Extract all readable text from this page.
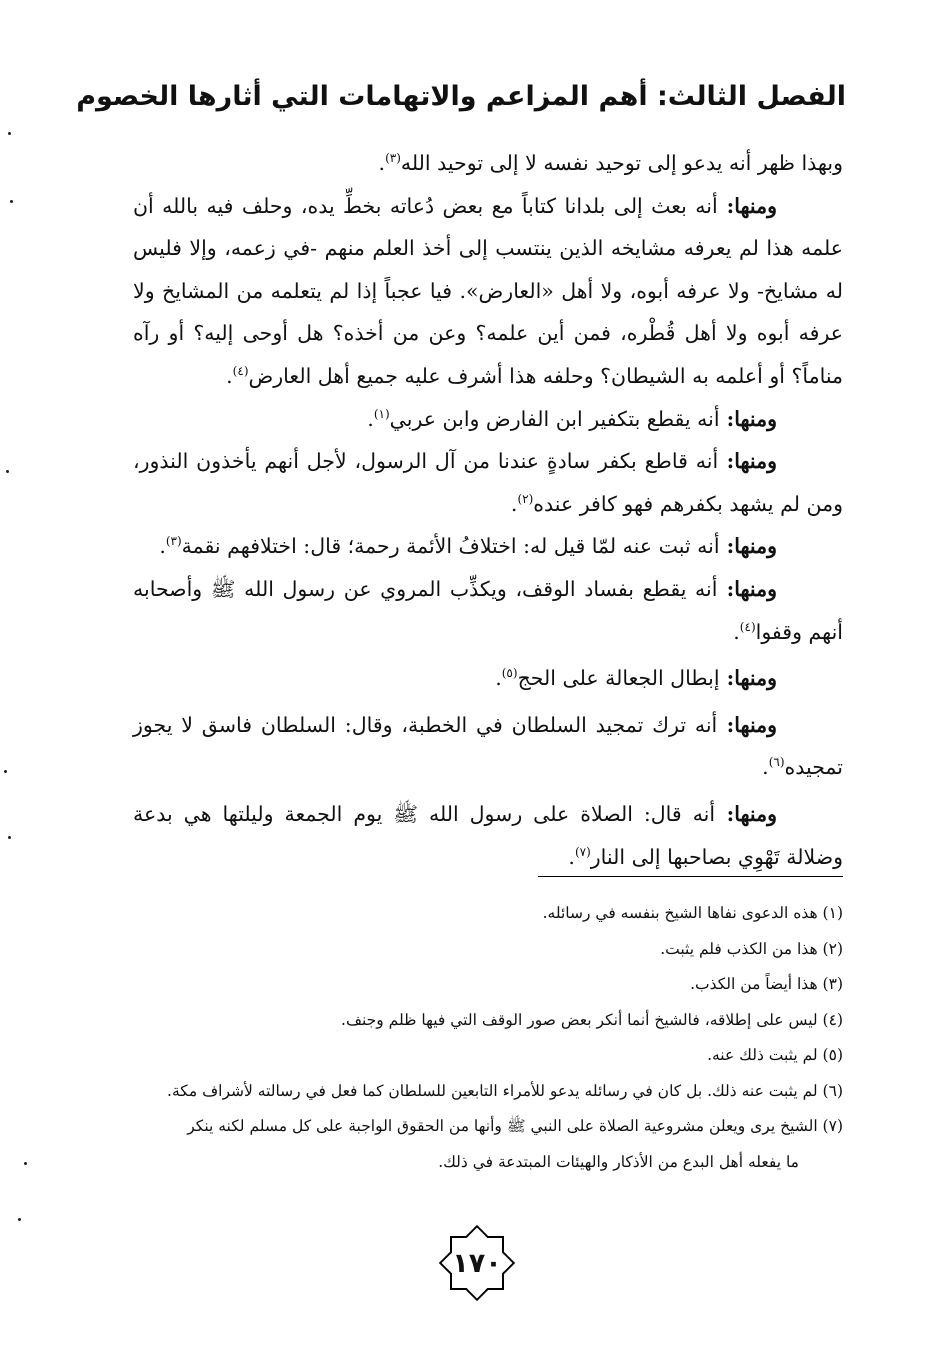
الفصل الثالث: أهم المزاعم والاتهامات التي أثارها الخصوم

وبهذا ظهر أنه يدعو إلى توحيد نفسه لا إلى توحيد الله$^{(٣)}$.

ومنها: أنه بعث إلى بلدانا كتاباً مع بعض دُعاته بخطِّ يده، وحلف فيه بالله أن علمه هذا لم يعرفه مشايخه الذين ينتسب إلى أخذ العلم منهم -في زعمه، وإلا فليس له مشايخ- ولا عرفه أبوه، ولا أهل «العارض». فيا عجباً إذا لم يتعلمه من المشايخ ولا عرفه أبوه ولا أهل قُطْره، فمن أين علمه؟ وعن من أخذه؟ هل أوحى إليه؟ أو رآه مناماً؟ أو أعلمه به الشيطان؟ وحلفه هذا أشرف عليه جميع أهل العارض$^{(٤)}$.

ومنها: أنه يقطع بتكفير ابن الفارض وابن عربي$^{(١)}$.

ومنها: أنه قاطع بكفر سادةٍ عندنا من آل الرسول، لأجل أنهم يأخذون النذور، ومن لم يشهد بكفرهم فهو كافر عنده$^{(٢)}$.

ومنها: أنه ثبت عنه لمّا قيل له: اختلافُ الأئمة رحمة؛ قال: اختلافهم نقمة$^{(٣)}$.

ومنها: أنه يقطع بفساد الوقف، ويكذِّب المروي عن رسول الله ﷺ وأصحابه أنهم وقفوا$^{(٤)}$.

ومنها: إبطال الجعالة على الحج$^{(٥)}$.

ومنها: أنه ترك تمجيد السلطان في الخطبة، وقال: السلطان فاسق لا يجوز تمجيده$^{(٦)}$.

ومنها: أنه قال: الصلاة على رسول الله ﷺ يوم الجمعة وليلتها هي بدعة وضلالة تَهْوِي بصاحبها إلى النار$^{(٧)}$.

(١) هذه الدعوى نفاها الشيخ بنفسه في رسائله.

(٢) هذا من الكذب فلم يثبت.

(٣) هذا أيضاً من الكذب.

(٤) ليس على إطلاقه، فالشيخ أنما أنكر بعض صور الوقف التي فيها ظلم وجنف.

(٥) لم يثبت ذلك عنه.

(٦) لم يثبت عنه ذلك. بل كان في رسائله يدعو للأمراء التابعين للسلطان كما فعل في رسالته لأشراف مكة.

(٧) الشيخ يرى ويعلن مشروعية الصلاة على النبي ﷺ وأنها من الحقوق الواجبة على كل مسلم لكنه ينكر

ما يفعله أهل البدع من الأذكار والهيئات المبتدعة في ذلك.

١٧٠
